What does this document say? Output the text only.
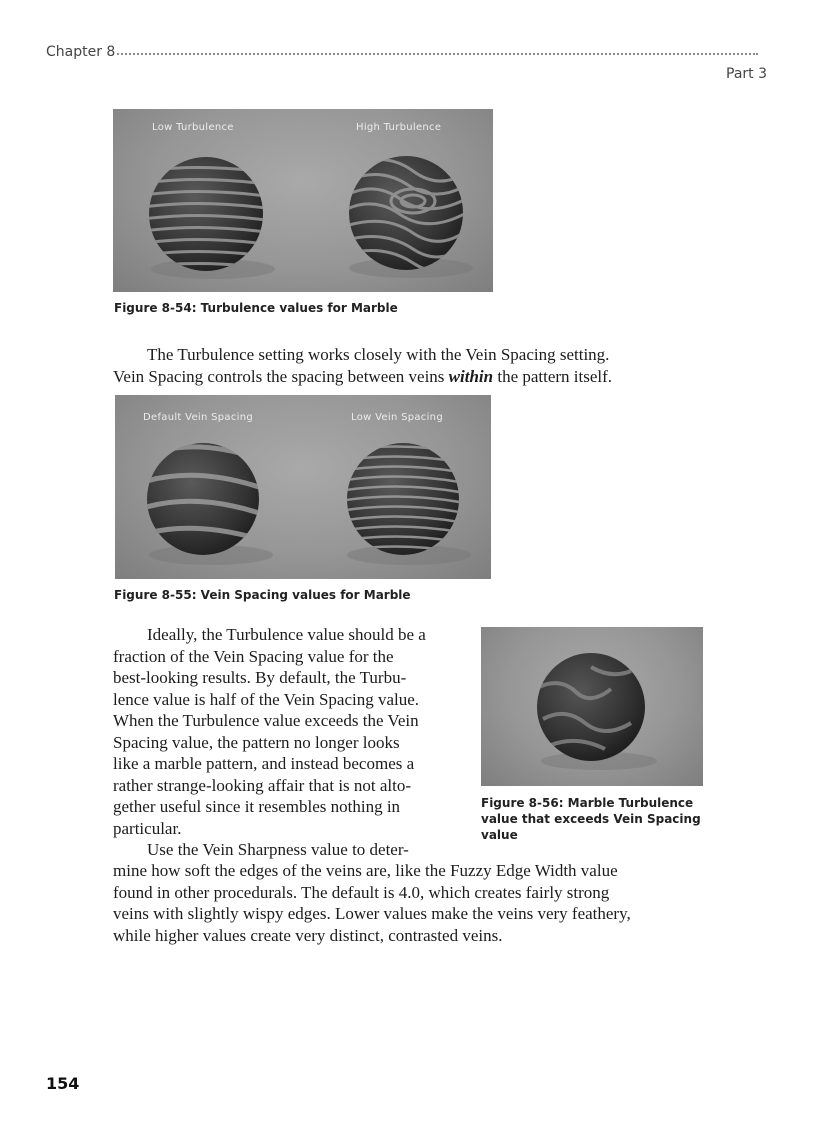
Chapter 8
Part 3
Low Turbulence	High Turbulence
Figure 8-54: Turbulence values for Marble

The Turbulence setting works closely with the Vein Spacing setting.
Vein Spacing controls the spacing between veins within the pattern itself.

Default Vein Spacing	Low Vein Spacing
Figure 8-55: Vein Spacing values for Marble
Figure 8-56: Marble Turbulence
value that exceeds Vein Spacing
value
Ideally, the Turbulence value should be a
fraction of the Vein Spacing value for the
best-looking results. By default, the Turbu-
lence value is half of the Vein Spacing value.
When the Turbulence value exceeds the Vein
Spacing value, the pattern no longer looks
like a marble pattern, and instead becomes a
rather strange-looking affair that is not alto-
gether useful since it resembles nothing in
particular.
Use the Vein Sharpness value to deter-
mine how soft the edges of the veins are, like the Fuzzy Edge Width value
found in other procedurals. The default is 4.0, which creates fairly strong
veins with slightly wispy edges. Lower values make the veins very feathery,
while higher values create very distinct, contrasted veins.
154
